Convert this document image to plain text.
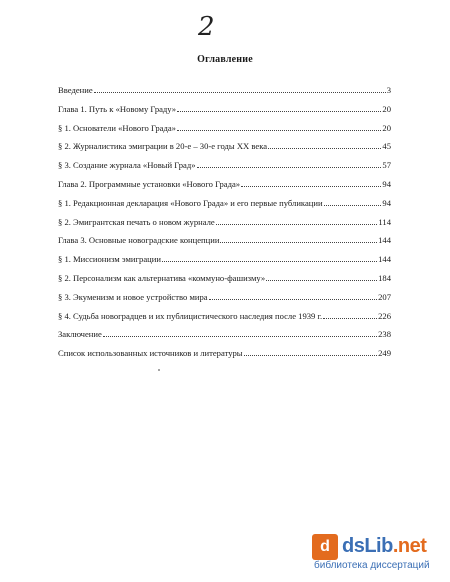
2
Оглавление
Введение	3
Глава 1. Путь к «Новому Граду»	20
§ 1. Основатели «Нового Града»	20
§ 2. Журналистика эмиграции в 20-е – 30-е годы XX века	45
§ 3. Создание журнала «Новый Град»	57
Глава 2. Программные установки «Нового Града»	94
§ 1. Редакционная декларация «Нового Града» и его первые публикации	94
§ 2. Эмигрантская печать о новом журнале	114
Глава 3. Основные новоградские концепции	144
§ 1. Миссионизм эмиграции	144
§ 2. Персонализм как альтернатива «коммуно-фашизму»	184
§ 3. Экуменизм и новое устройство мира	207
§ 4. Судьба новоградцев и их публицистического наследия после 1939 г.	226
Заключение	238
Список использованных источников и литературы	249
d dsLib.net
библиотека диссертаций
